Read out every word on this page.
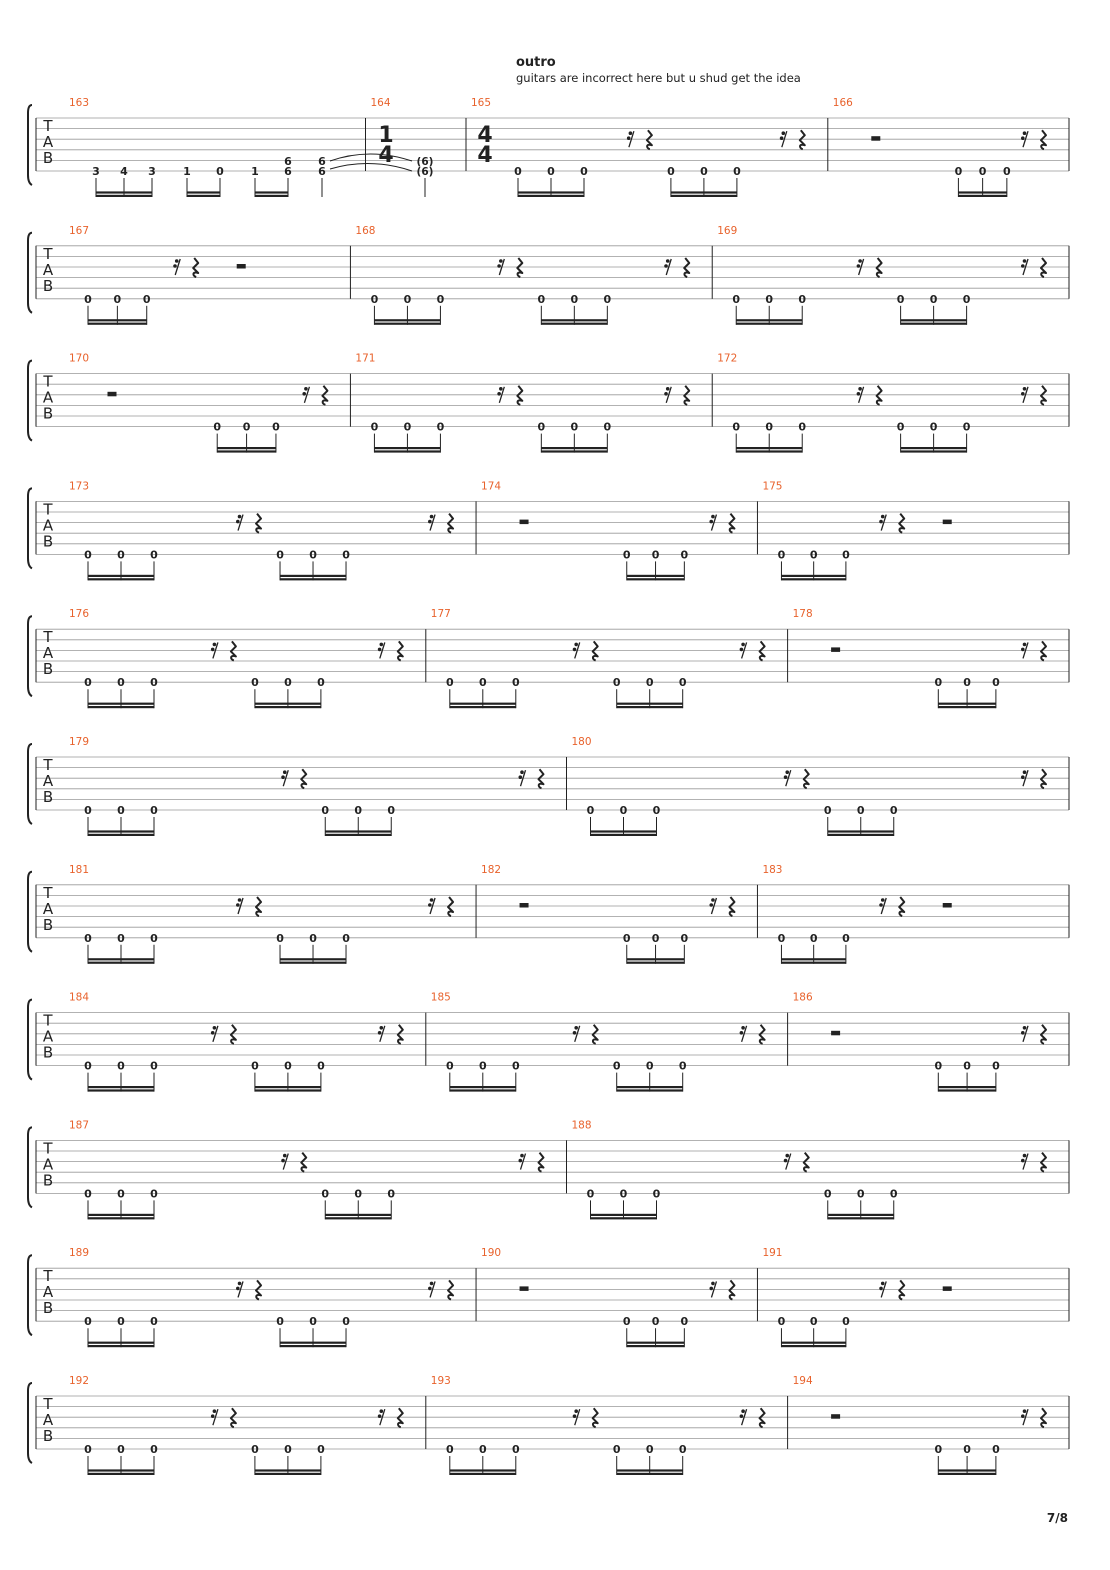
outro
guitars are incorrect here but u shud get the idea
T
A
B
163
3 4 3 1 0 1
6
6
6
6
164
1
4 (6)
(6)
165
4
4
0 0 0	0 0 0
166
0 0 0
T
A
B
167
0 0 0
168
0 0 0	0 0 0
169
0 0 0	0 0 0
T
A
B
170
0 0 0
171
0 0 0	0 0 0
172
0 0 0	0 0 0
T
A
B
173
0 0 0	0 0 0
174
0 0 0
175
0 0 0
T
A
B
176
0 0 0	0 0 0
177
0 0 0	0 0 0
178
0 0 0
T
A
B
179
0 0 0	0 0 0
180
0 0 0	0 0 0
T
A
B
181
0 0 0	0 0 0
182
0 0 0
183
0 0 0
T
A
B
184
0 0 0	0 0 0
185
0 0 0	0 0 0
186
0 0 0
T
A
B
187
0 0 0	0 0 0
188
0 0 0	0 0 0
T
A
B
189
0 0 0	0 0 0
190
0 0 0
191
0 0 0
T
A
B
192
0 0 0	0 0 0
193
0 0 0	0 0 0
194
0 0 0
7/8
